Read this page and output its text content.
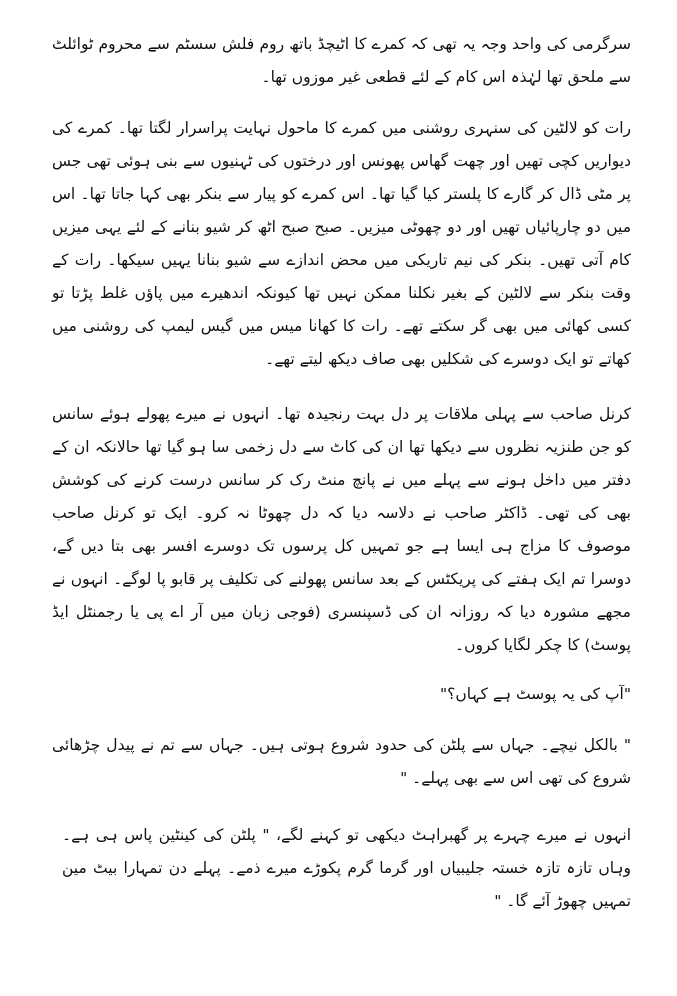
سرگرمی کی واحد وجہ یہ تھی کہ کمرے کا اٹیچڈ باتھ روم فلش سسٹم سے محروم ٹوائلٹ سے ملحق تھا لہٰذہ اس کام کے لئے قطعی غیر موزوں تھا۔

رات کو لالٹین کی سنہری روشنی میں کمرے کا ماحول نہایت پراسرار لگتا تھا۔ کمرے کی دیواریں کچی تھیں اور چھت گھاس پھونس اور درختوں کی ٹہنیوں سے بنی ہوئی تھی جس پر مٹی ڈال کر گارے کا پلستر کیا گیا تھا۔ اس کمرے کو پیار سے بنکر بھی کہا جاتا تھا۔ اس میں دو چارپائیاں تھیں اور دو چھوٹی میزیں۔ صبح صبح اٹھ کر شیو بنانے کے لئے یہی میزیں کام آتی تھیں۔ بنکر کی نیم تاریکی میں محض اندازے سے شیو بنانا یہیں سیکھا۔ رات کے وقت بنکر سے لالٹین کے بغیر نکلنا ممکن نہیں تھا کیونکہ اندھیرے میں پاؤں غلط پڑتا تو کسی کھائی میں بھی گر سکتے تھے۔ رات کا کھانا میس میں گیس لیمپ کی روشنی میں کھاتے تو ایک دوسرے کی شکلیں بھی صاف دیکھ لیتے تھے۔

کرنل صاحب سے پہلی ملاقات پر دل بہت رنجیدہ تھا۔ انہوں نے میرے پھولے ہوئے سانس کو جن طنزیہ نظروں سے دیکھا تھا ان کی کاٹ سے دل زخمی سا ہو گیا تھا حالانکہ ان کے دفتر میں داخل ہونے سے پہلے میں نے پانچ منٹ رک کر سانس درست کرنے کی کوشش بھی کی تھی۔ ڈاکٹر صاحب نے دلاسہ دیا کہ دل چھوٹا نہ کرو۔ ایک تو کرنل صاحب موصوف کا مزاج ہی ایسا ہے جو تمہیں کل پرسوں تک دوسرے افسر بھی بتا دیں گے، دوسرا تم ایک ہفتے کی پریکٹس کے بعد سانس پھولنے کی تکلیف پر قابو پا لوگے۔ انہوں نے مجھے مشورہ دیا کہ روزانہ ان کی ڈسپنسری (فوجی زبان میں آر اے پی یا رجمنٹل ایڈ پوسٹ) کا چکر لگایا کروں۔

"آپ کی یہ پوسٹ ہے کہاں؟"

" بالکل نیچے۔ جہاں سے پلٹن کی حدود شروع ہوتی ہیں۔ جہاں سے تم نے پیدل چڑھائی شروع کی تھی اس سے بھی پہلے۔ "

انہوں نے میرے چہرے پر گھبراہٹ دیکھی تو کہنے لگے، " پلٹن کی کینٹین پاس ہی ہے۔ وہاں تازہ تازہ خستہ جلیبیاں اور گرما گرم پکوڑے میرے ذمے۔ پہلے دن تمہارا بیٹ مین تمہیں چھوڑ آئے گا۔ "
